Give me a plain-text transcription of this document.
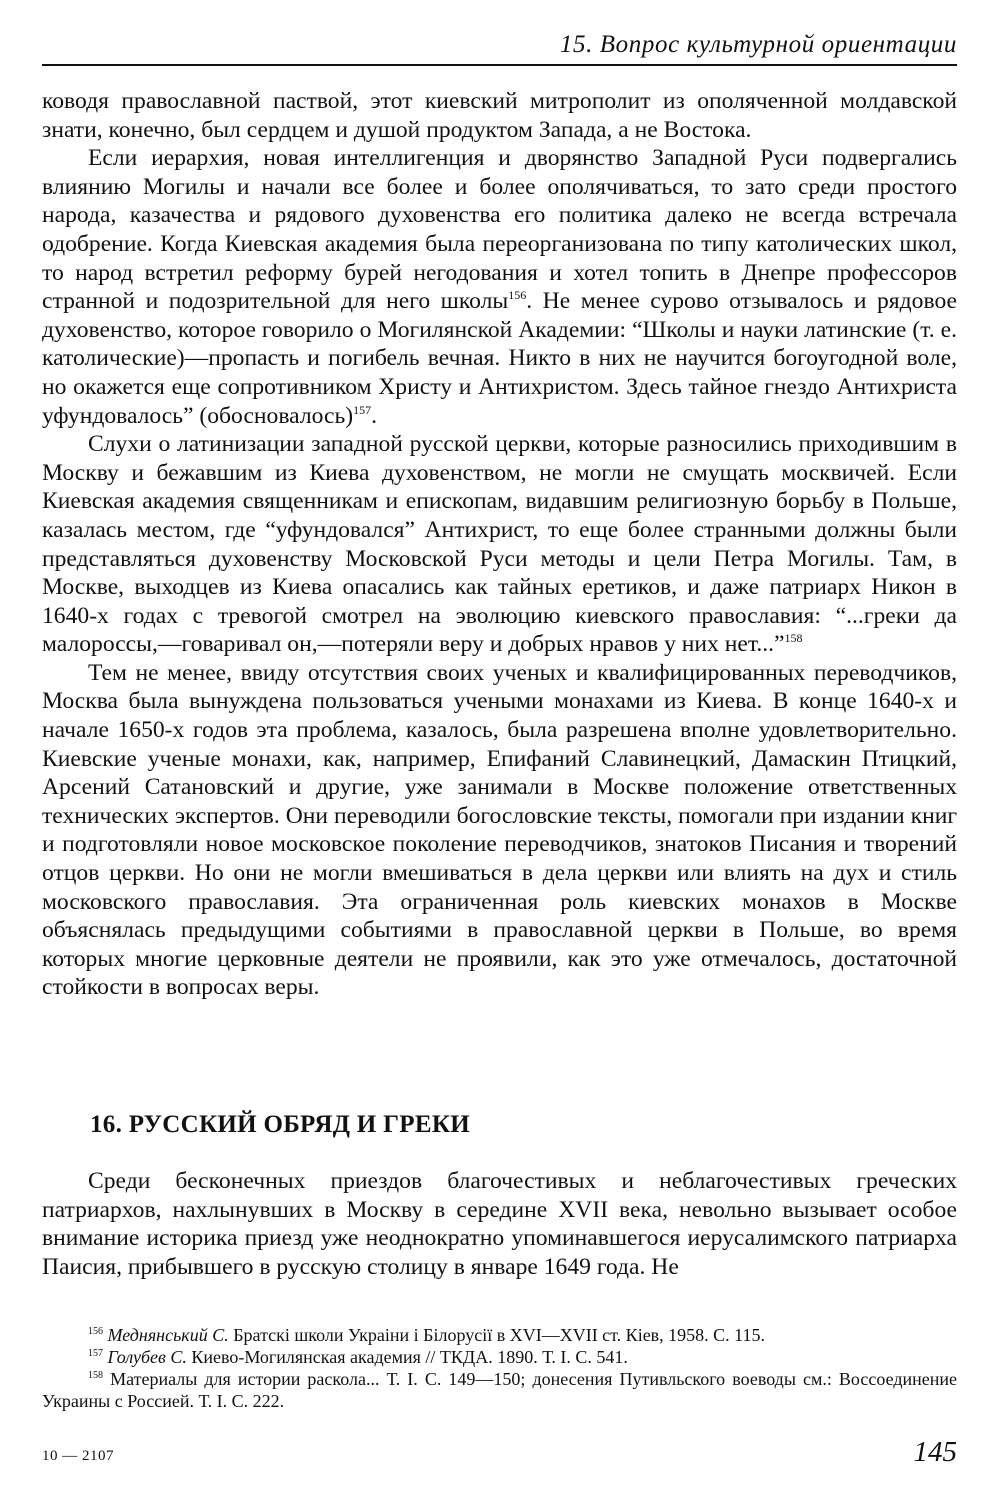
15. Вопрос культурной ориентации

ководя православной паствой, этот киевский митрополит из ополяченной молдавской знати, конечно, был сердцем и душой продуктом Запада, а не Востока.

Если иерархия, новая интеллигенция и дворянство Западной Руси подвергались влиянию Могилы и начали все более и более ополячиваться, то зато среди простого народа, казачества и рядового духовенства его политика далеко не всегда встречала одобрение. Когда Киевская академия была переорганизована по типу католических школ, то народ встретил реформу бурей негодования и хотел топить в Днепре профессоров странной и подозрительной для него школы$^{156}$. Не менее сурово отзывалось и рядовое духовенство, которое говорило о Могилянской Академии: “Школы и науки латинские (т. е. католические)—пропасть и погибель вечная. Никто в них не научится богоугодной воле, но окажется еще сопротивником Христу и Антихристом. Здесь тайное гнездо Антихриста уфундовалось” (обосновалось)$^{157}$.

Слухи о латинизации западной русской церкви, которые разносились приходившим в Москву и бежавшим из Киева духовенством, не могли не смущать москвичей. Если Киевская академия священникам и епископам, видавшим религиозную борьбу в Польше, казалась местом, где “уфундовался” Антихрист, то еще более странными должны были представляться духовенству Московской Руси методы и цели Петра Могилы. Там, в Москве, выходцев из Киева опасались как тайных еретиков, и даже патриарх Никон в 1640-х годах с тревогой смотрел на эволюцию киевского православия: “...греки да малороссы,—говаривал он,—потеряли веру и добрых нравов у них нет...”$^{158}$

Тем не менее, ввиду отсутствия своих ученых и квалифицированных переводчиков, Москва была вынуждена пользоваться учеными монахами из Киева. В конце 1640-х и начале 1650-х годов эта проблема, казалось, была разрешена вполне удовлетворительно. Киевские ученые монахи, как, например, Епифаний Славинецкий, Дамаскин Птицкий, Арсений Сатановский и другие, уже занимали в Москве положение ответственных технических экспертов. Они переводили богословские тексты, помогали при издании книг и подготовляли новое московское поколение переводчиков, знатоков Писания и творений отцов церкви. Но они не могли вмешиваться в дела церкви или влиять на дух и стиль московского православия. Эта ограниченная роль киевских монахов в Москве объяснялась предыдущими событиями в православной церкви в Польше, во время которых многие церковные деятели не проявили, как это уже отмечалось, достаточной стойкости в вопросах веры.

16. РУССКИЙ ОБРЯД И ГРЕКИ

Среди бесконечных приездов благочестивых и неблагочестивых греческих патриархов, нахлынувших в Москву в середине XVII века, невольно вызывает особое внимание историка приезд уже неоднократно упоминавшегося иерусалимского патриарха Паисия, прибывшего в русскую столицу в январе 1649 года. Не

$^{156}$ Меднянський С. Братскі школи Украіни і Білорусії в XVI—XVII ст. Кіев, 1958. С. 115.

$^{157}$ Голубев С. Киево-Могилянская академия // ТКДА. 1890. Т. I. С. 541.

$^{158}$ Материалы для истории раскола... Т. I. С. 149—150; донесения Путивльского воеводы см.: Воссоединение Украины с Россией. Т. I. С. 222.

10 — 2107	145
